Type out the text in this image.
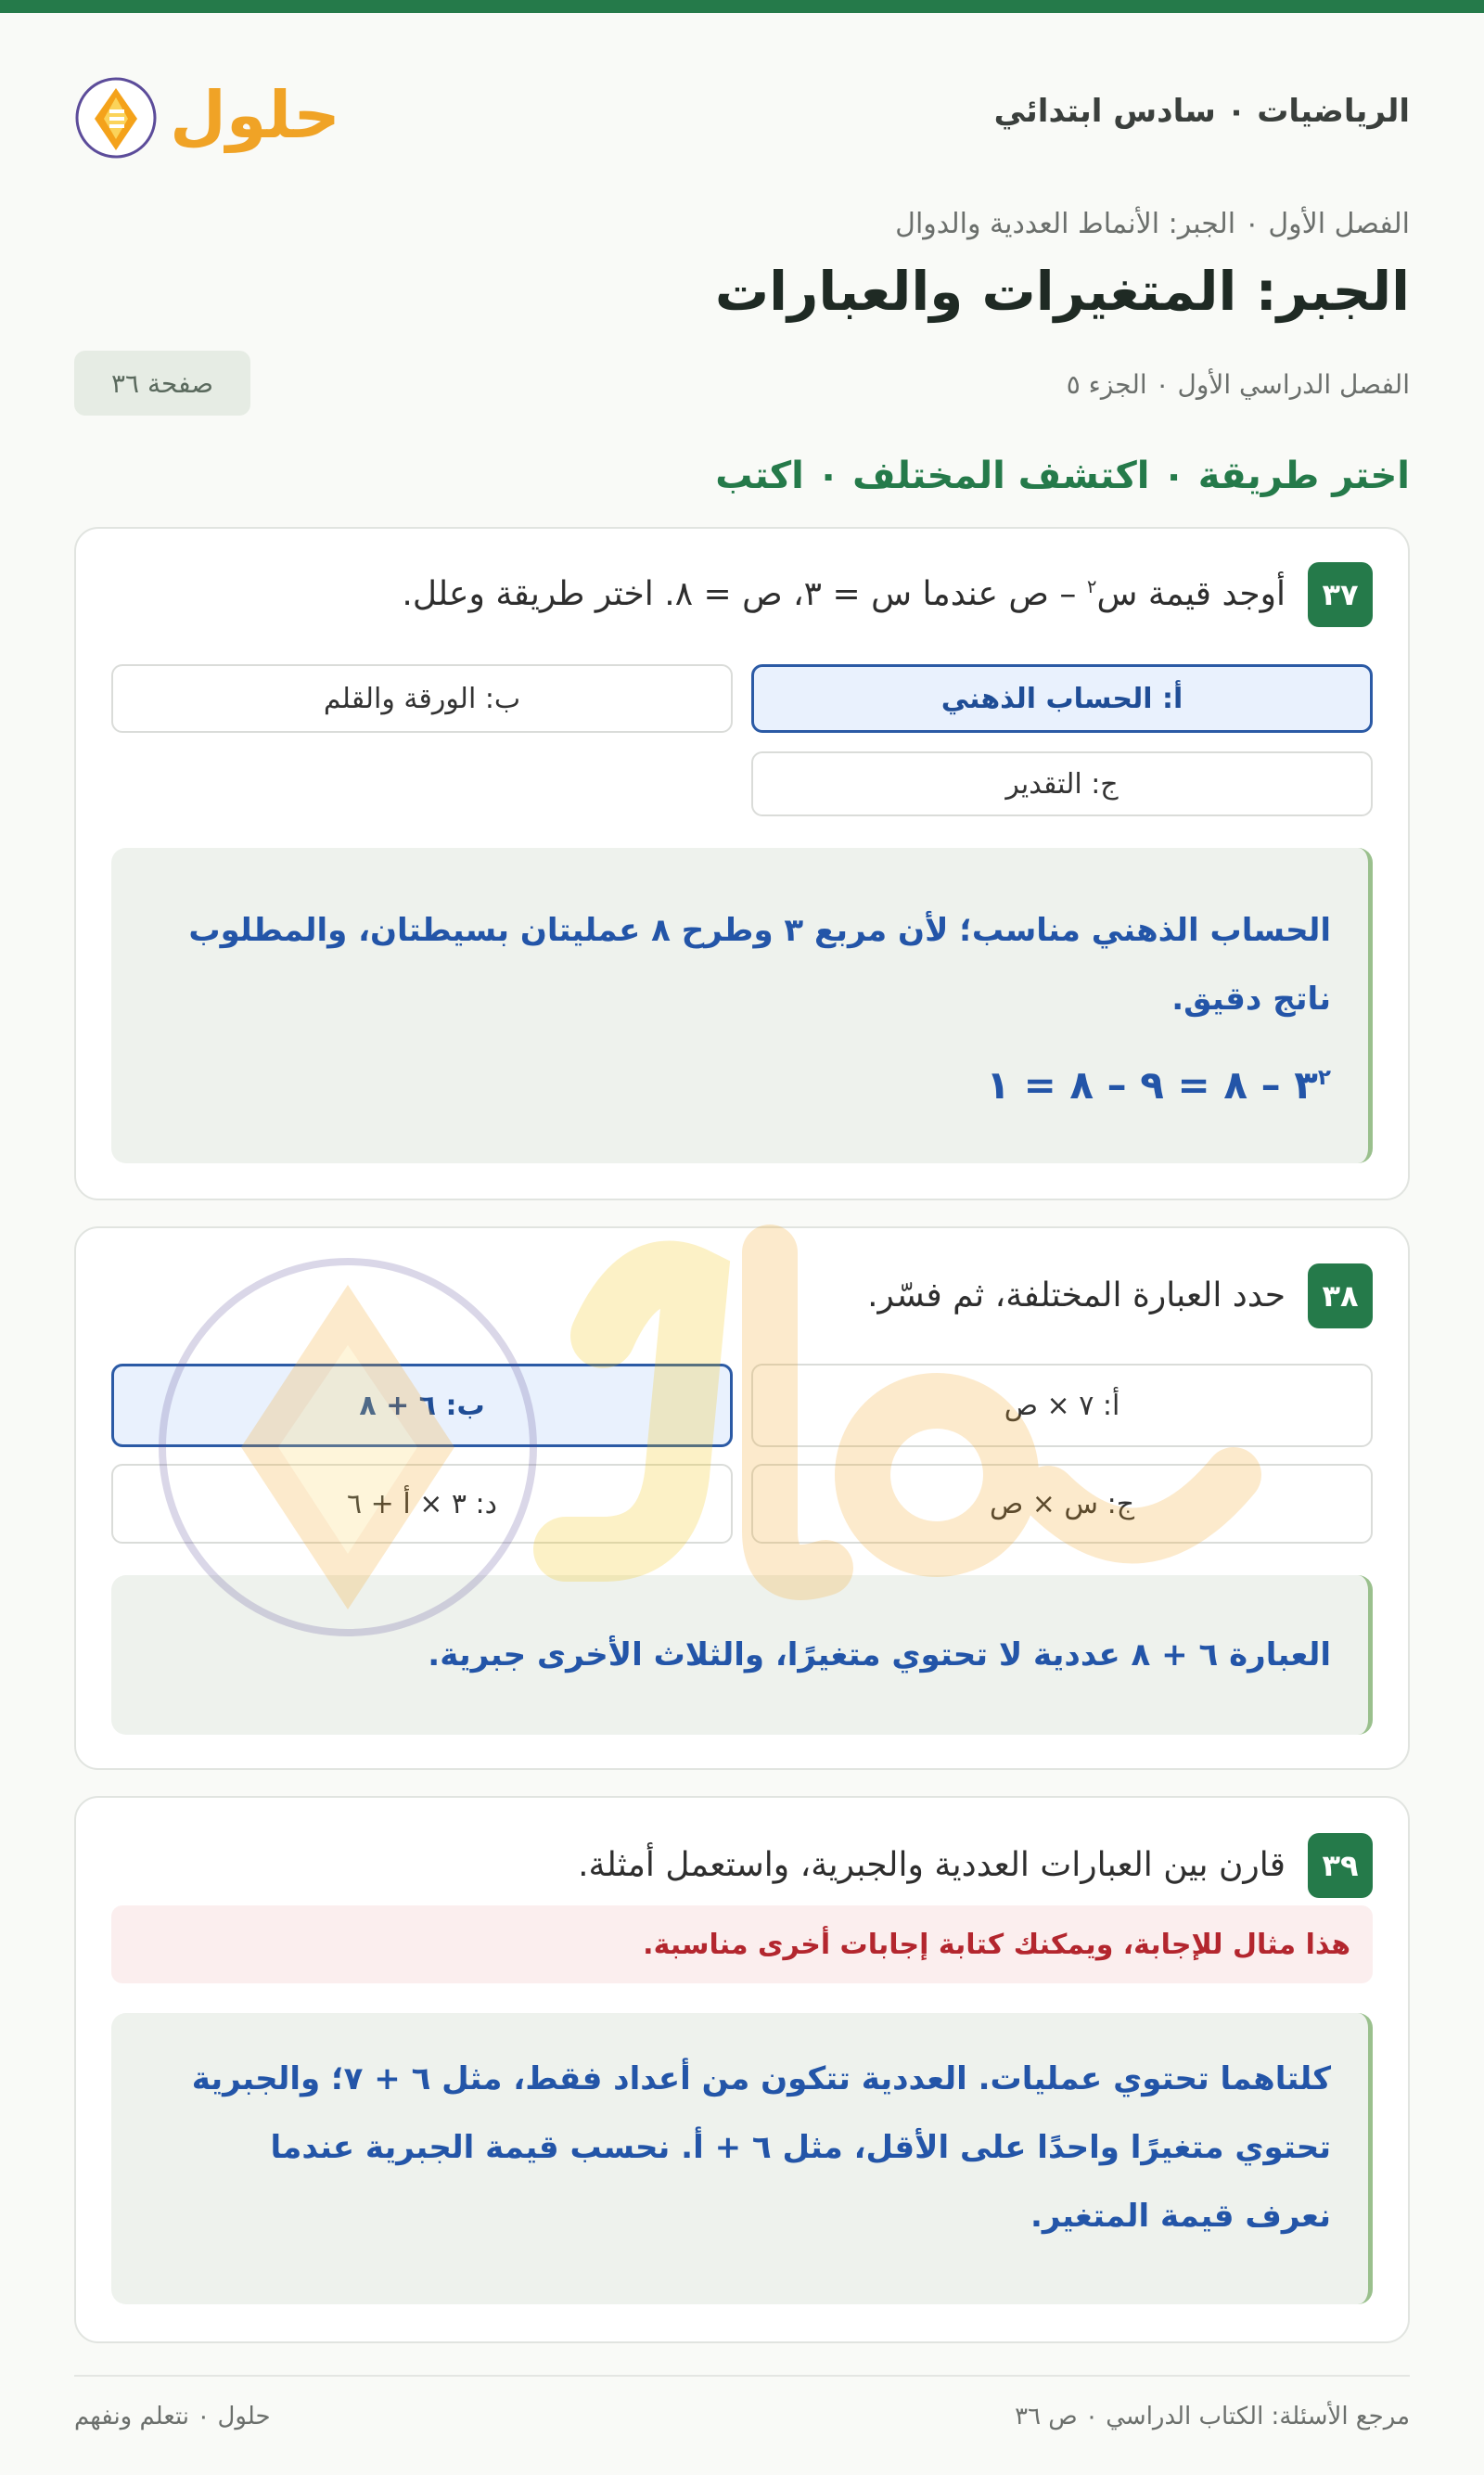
الرياضيات ٠ سادس ابتدائي
حلول
الفصل الأول ٠ الجبر: الأنماط العددية والدوال
الجبر: المتغيرات والعبارات
الفصل الدراسي الأول ٠ الجزء ٥
صفحة ٣٦
اختر طريقة ٠ اكتشف المختلف ٠ اكتب
٣٧
أوجد قيمة س$^٢$ – ص عندما س = ٣، ص = ٨. اختر طريقة وعلل.
أ: الحساب الذهني
ب: الورقة والقلم
ج: التقدير
الحساب الذهني مناسب؛ لأن مربع ٣ وطرح ٨ عمليتان بسيطتان، والمطلوب
ناتج دقيق.
$٣^٢$ – ٨ = ٩ – ٨ = ١
٣٨
حدد العبارة المختلفة، ثم فسّر.
أ: ٧ × ص
ب: ٦ + ٨
ج: س × ص
د: ٣ × أ + ٦
العبارة ٦ + ٨ عددية لا تحتوي متغيرًا، والثلاث الأخرى جبرية.
٣٩
قارن بين العبارات العددية والجبرية، واستعمل أمثلة.
هذا مثال للإجابة، ويمكنك كتابة إجابات أخرى مناسبة.
كلتاهما تحتوي عمليات. العددية تتكون من أعداد فقط، مثل ٦ + ٧؛ والجبرية
تحتوي متغيرًا واحدًا على الأقل، مثل ٦ + أ. نحسب قيمة الجبرية عندما
نعرف قيمة المتغير.
مرجع الأسئلة: الكتاب الدراسي ٠ ص ٣٦
حلول ٠ نتعلم ونفهم
